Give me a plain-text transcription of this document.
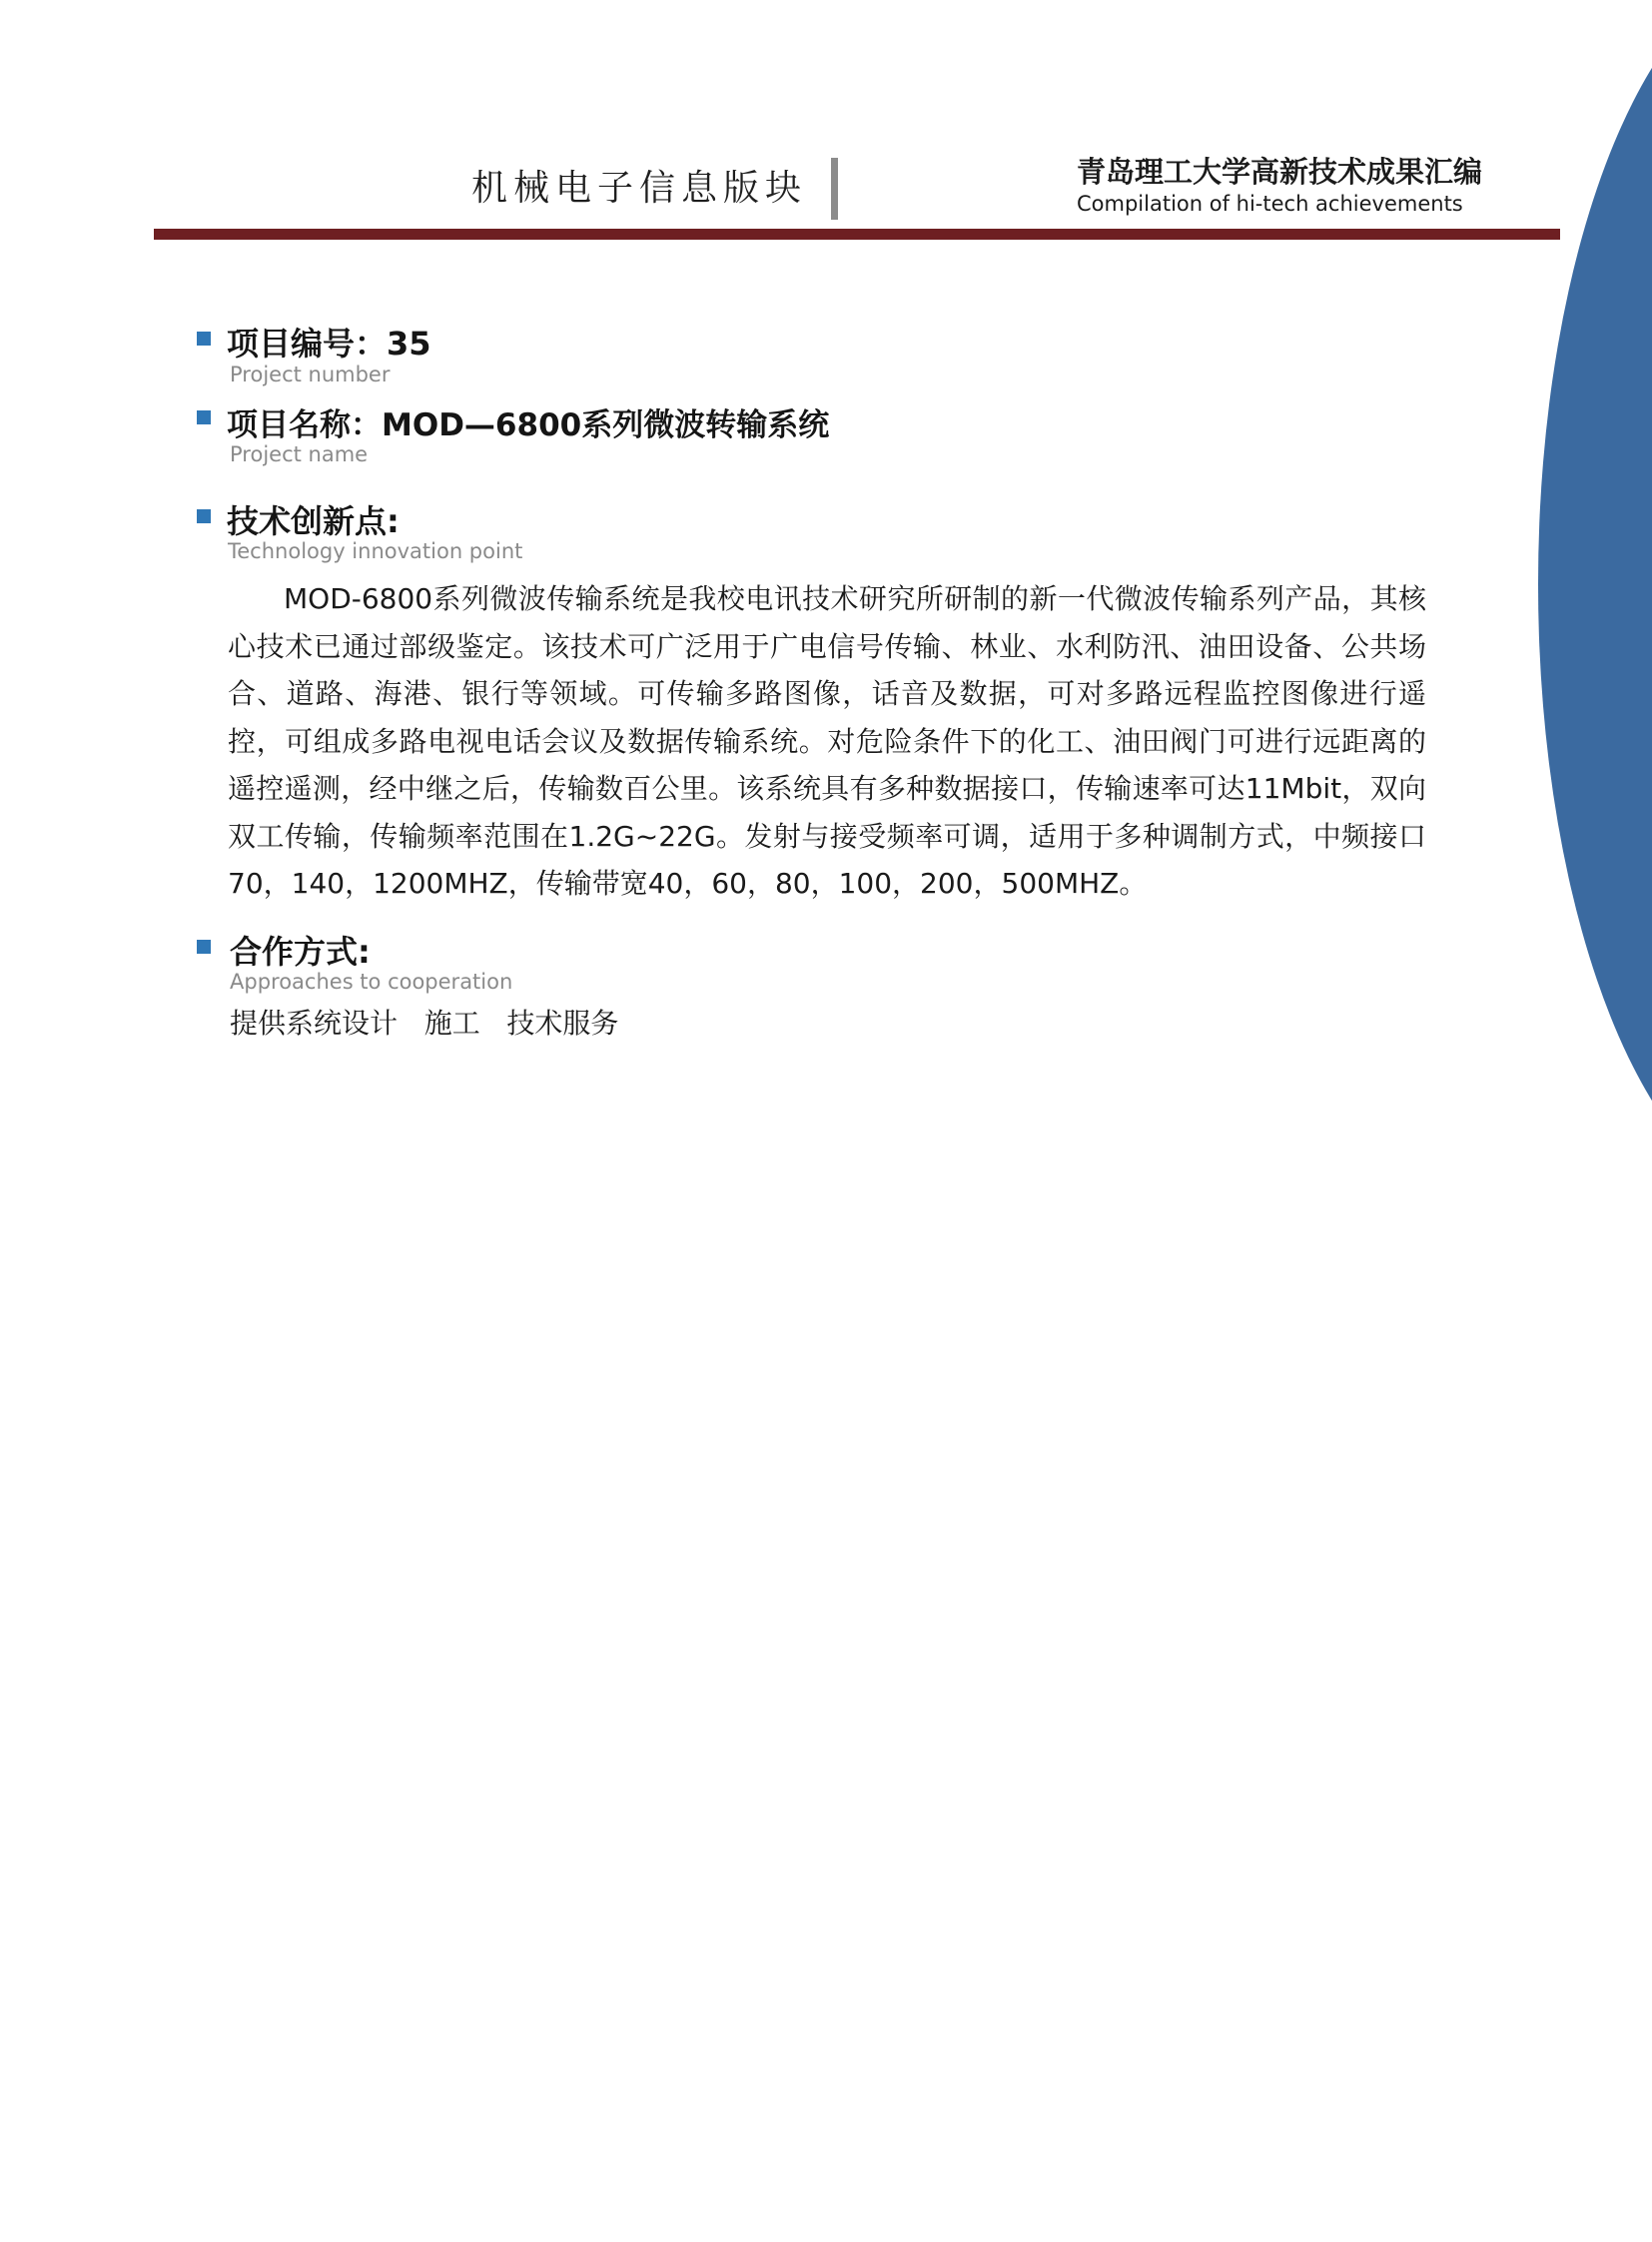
机械电子信息版块	青岛理工大学高新技术成果汇编
Compilation of hi-tech achievements
项目编号：35
Project number
项目名称：MOD—6800系列微波转输系统
Project name
技术创新点:
Technology innovation point
MOD-6800系列微波传输系统是我校电讯技术研究所研制的新一代微波传输系列产品，其核心技术已通过部级鉴定。该技术可广泛用于广电信号传输、林业、水利防汛、油田设备、公共场合、道路、海港、银行等领域。可传输多路图像，话音及数据，可对多路远程监控图像进行遥控，可组成多路电视电话会议及数据传输系统。对危险条件下的化工、油田阀门可进行远距离的遥控遥测，经中继之后，传输数百公里。该系统具有多种数据接口，传输速率可达11Mbit，双向双工传输，传输频率范围在1.2G~22G。发射与接受频率可调，适用于多种调制方式，中频接口70，140，1200MHZ，传输带宽40，60，80，100，200，500MHZ。
合作方式:
Approaches to cooperation
提供系统设计   施工   技术服务
